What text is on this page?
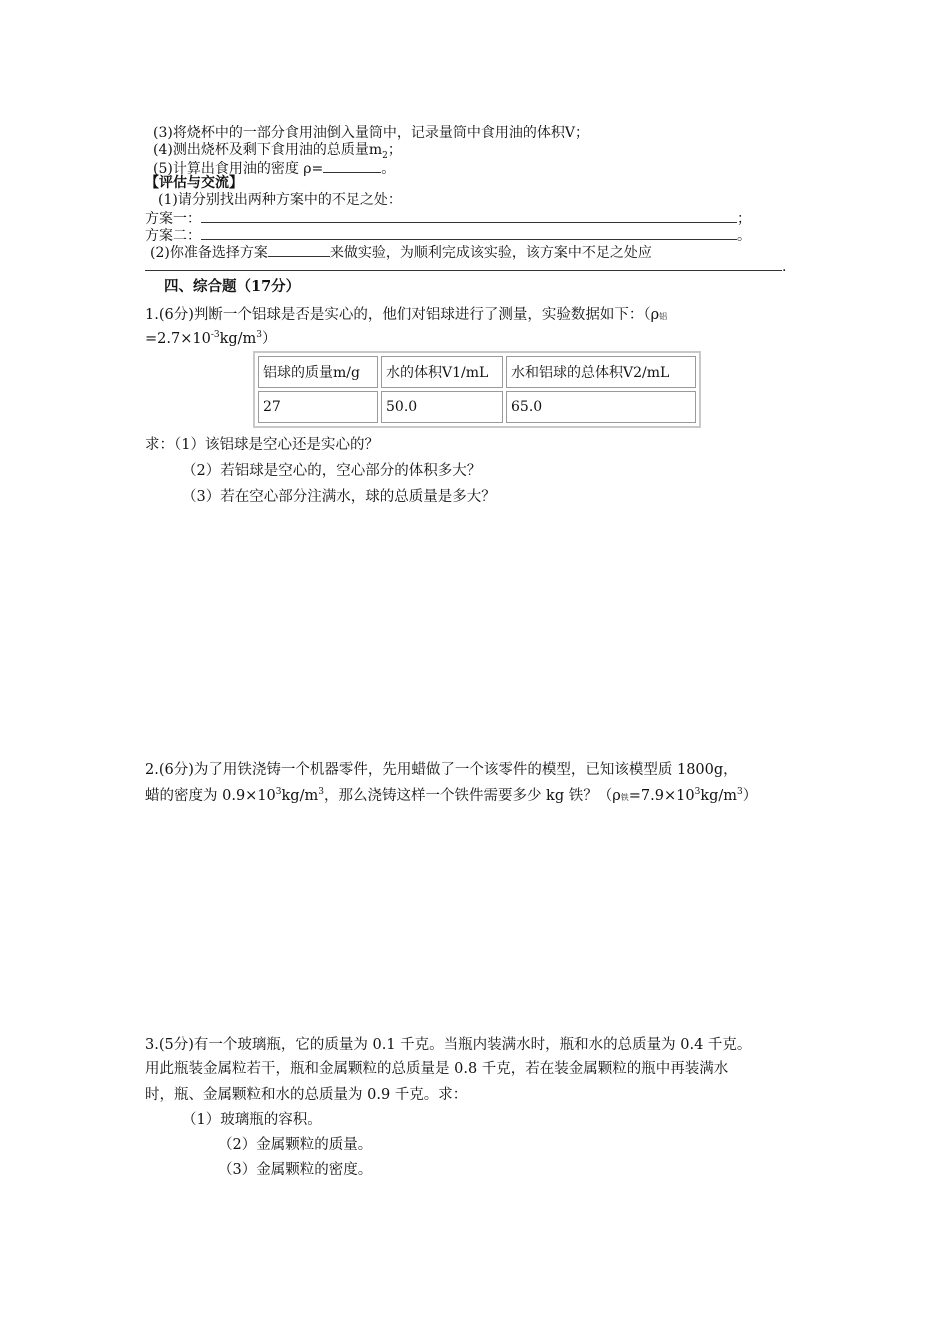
(3)将烧杯中的一部分食用油倒入量筒中，记录量筒中食用油的体积V；
(4)测出烧杯及剩下食用油的总质量$m_2$；
(5)计算出食用油的密度 ρ=	。
【评估与交流】
(1)请分别找出两种方案中的不足之处：
方案一：	；
方案二：	。
(2)你准备选择方案	来做实验，为顺利完成该实验，该方案中不足之处应
.
四、综合题（17分）
1.(6分)判断一个铝球是否是实心的，他们对铝球进行了测量，实验数据如下：（ρ铝
$=2.7\times 10^{-3}kg/m^3$）
铝球的质量m/g	水的体积V1/mL	水和铝球的总体积V2/mL
27	50.0	65.0
求：（1）该铝球是空心还是实心的？
（2）若铝球是空心的，空心部分的体积多大？
（3）若在空心部分注满水，球的总质量是多大？
2.(6分)为了用铁浇铸一个机器零件，先用蜡做了一个该零件的模型，已知该模型质 1800g，
蜡的密度为 $0.9\times 10^3kg/m^3$，那么浇铸这样一个铁件需要多少 kg 铁？（ρ铁$=7.9\times 10^3kg/m^3$）
3.(5分)有一个玻璃瓶，它的质量为 0.1 千克。当瓶内装满水时，瓶和水的总质量为 0.4 千克。
用此瓶装金属粒若干，瓶和金属颗粒的总质量是 0.8 千克，若在装金属颗粒的瓶中再装满水
时，瓶、金属颗粒和水的总质量为 0.9 千克。求：
（1）玻璃瓶的容积。
（2）金属颗粒的质量。
（3）金属颗粒的密度。
